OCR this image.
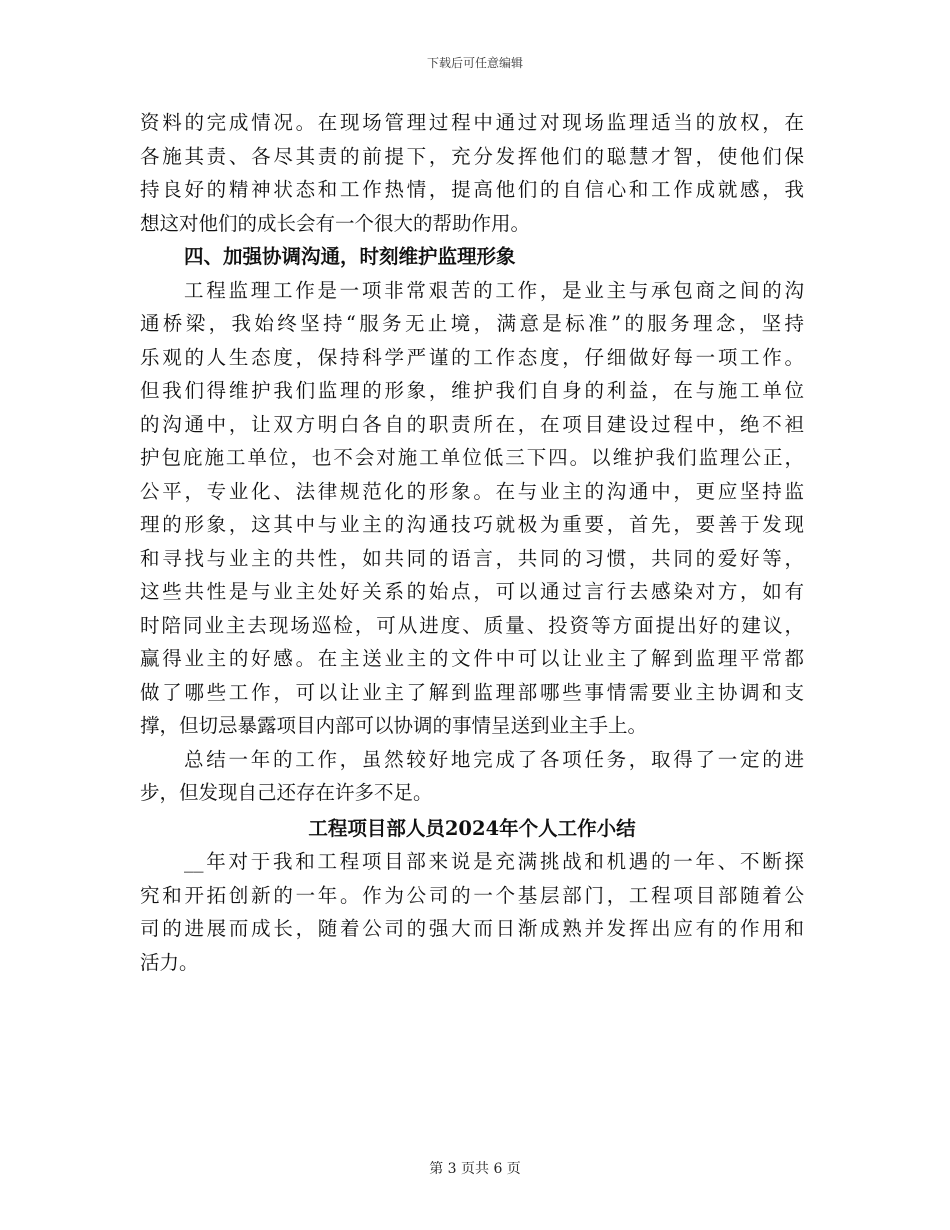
下载后可任意编辑
资料的完成情况。在现场管理过程中通过对现场监理适当的放权，在
各施其责、各尽其责的前提下，充分发挥他们的聪慧才智，使他们保
持良好的精神状态和工作热情，提高他们的自信心和工作成就感，我
想这对他们的成长会有一个很大的帮助作用。
四、加强协调沟通，时刻维护监理形象
工程监理工作是一项非常艰苦的工作，是业主与承包商之间的沟
通桥梁，我始终坚持“服务无止境，满意是标准”的服务理念，坚持
乐观的人生态度，保持科学严谨的工作态度，仔细做好每一项工作。
但我们得维护我们监理的形象，维护我们自身的利益，在与施工单位
的沟通中，让双方明白各自的职责所在，在项目建设过程中，绝不袒
护包庇施工单位，也不会对施工单位低三下四。以维护我们监理公正，
公平，专业化、法律规范化的形象。在与业主的沟通中，更应坚持监
理的形象，这其中与业主的沟通技巧就极为重要，首先，要善于发现
和寻找与业主的共性，如共同的语言，共同的习惯，共同的爱好等，
这些共性是与业主处好关系的始点，可以通过言行去感染对方，如有
时陪同业主去现场巡检，可从进度、质量、投资等方面提出好的建议，
赢得业主的好感。在主送业主的文件中可以让业主了解到监理平常都
做了哪些工作，可以让业主了解到监理部哪些事情需要业主协调和支
撑，但切忌暴露项目内部可以协调的事情呈送到业主手上。
总结一年的工作，虽然较好地完成了各项任务，取得了一定的进
步，但发现自己还存在许多不足。
工程项目部人员2024年个人工作小结
__年对于我和工程项目部来说是充满挑战和机遇的一年、不断探
究和开拓创新的一年。作为公司的一个基层部门，工程项目部随着公
司的进展而成长，随着公司的强大而日渐成熟并发挥出应有的作用和
活力。
第 3 页共 6 页
